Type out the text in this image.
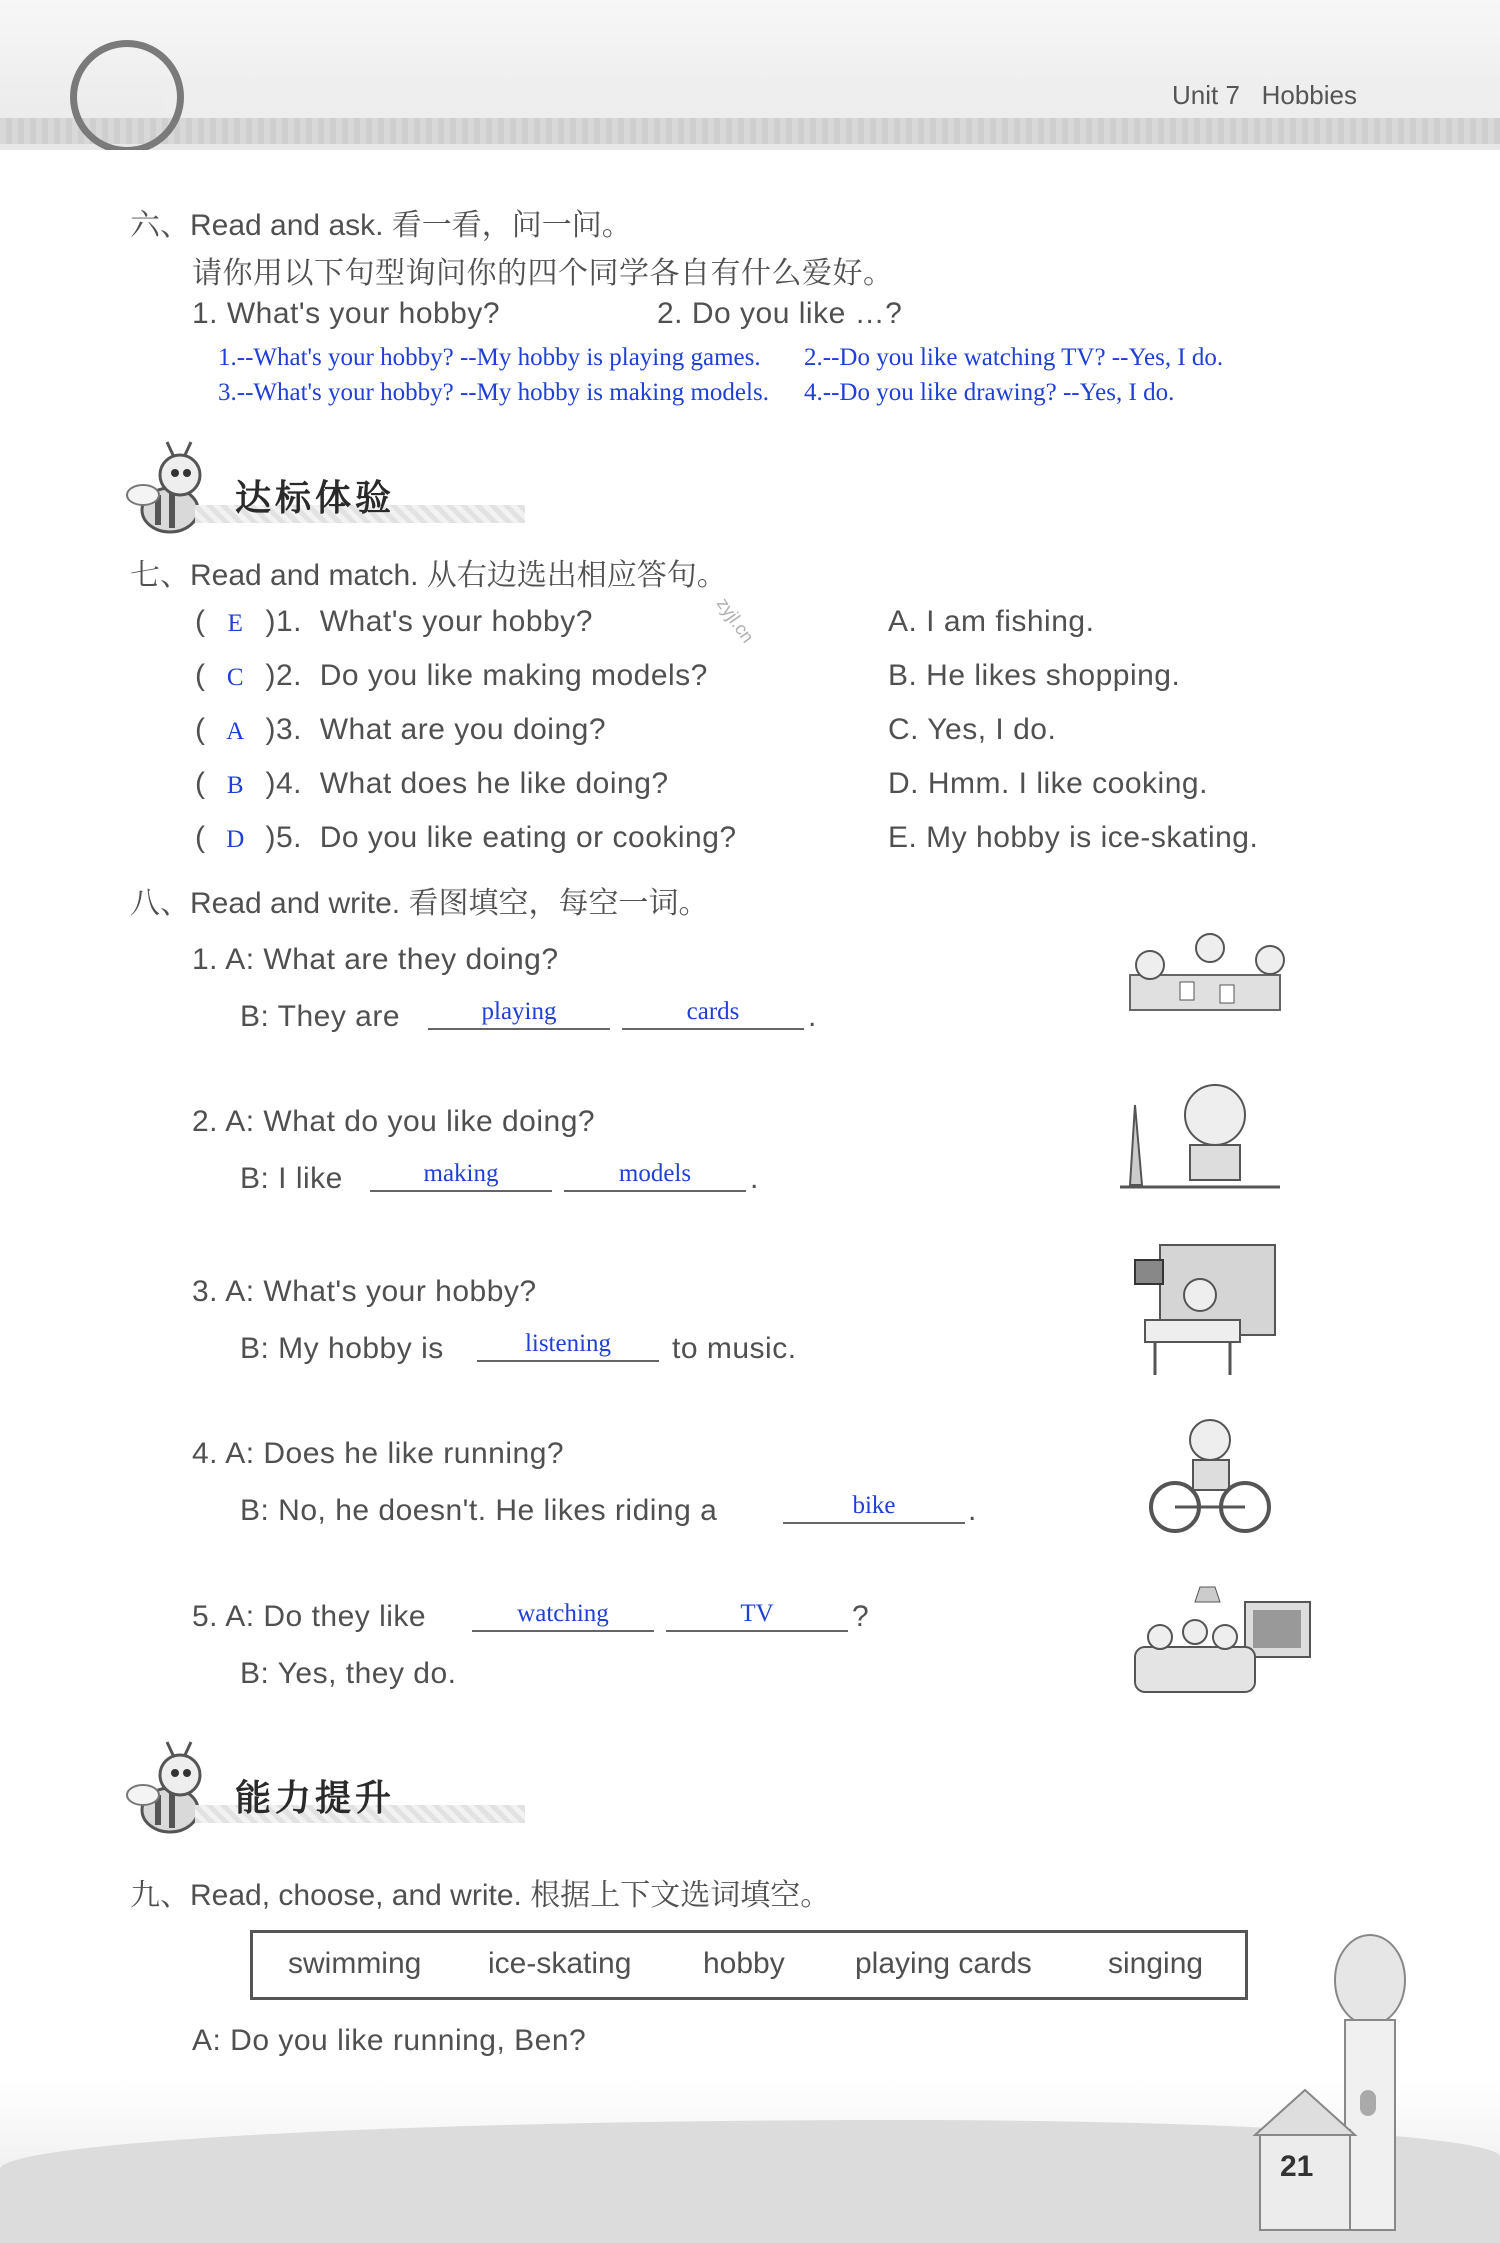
Unit 7 Hobbies
六、Read and ask. 看一看，问一问。
请你用以下句型询问你的四个同学各自有什么爱好。
1. What's your hobby?	2. Do you like …?
1.--What's your hobby? --My hobby is playing games. 2.--Do you like watching TV? --Yes, I do.
3.--What's your hobby? --My hobby is making models. 4.--Do you like drawing? --Yes, I do.
达标体验
七、Read and match. 从右边选出相应答句。
zyjl.cn
( E )1. What's your hobby?
( C )2. Do you like making models?
( A )3. What are you doing?
( B )4. What does he like doing?
( D )5. Do you like eating or cooking?
A. I am fishing.
B. He likes shopping.
C. Yes, I do.
D. Hmm. I like cooking.
E. My hobby is ice-skating.
八、Read and write. 看图填空，每空一词。
1. A: What are they doing?
B: They are	playing	cards	.
2. A: What do you like doing?
B: I like	making	models	.
3. A: What's your hobby?
B: My hobby is	listening	to music.
4. A: Does he like running?
B: No, he doesn't. He likes riding a	bike	.
5. A: Do they like	watching	TV	?
B: Yes, they do.
能力提升
九、Read, choose, and write. 根据上下文选词填空。
swimming ice-skating hobby playing cards	singing
A: Do you like running, Ben?
21
